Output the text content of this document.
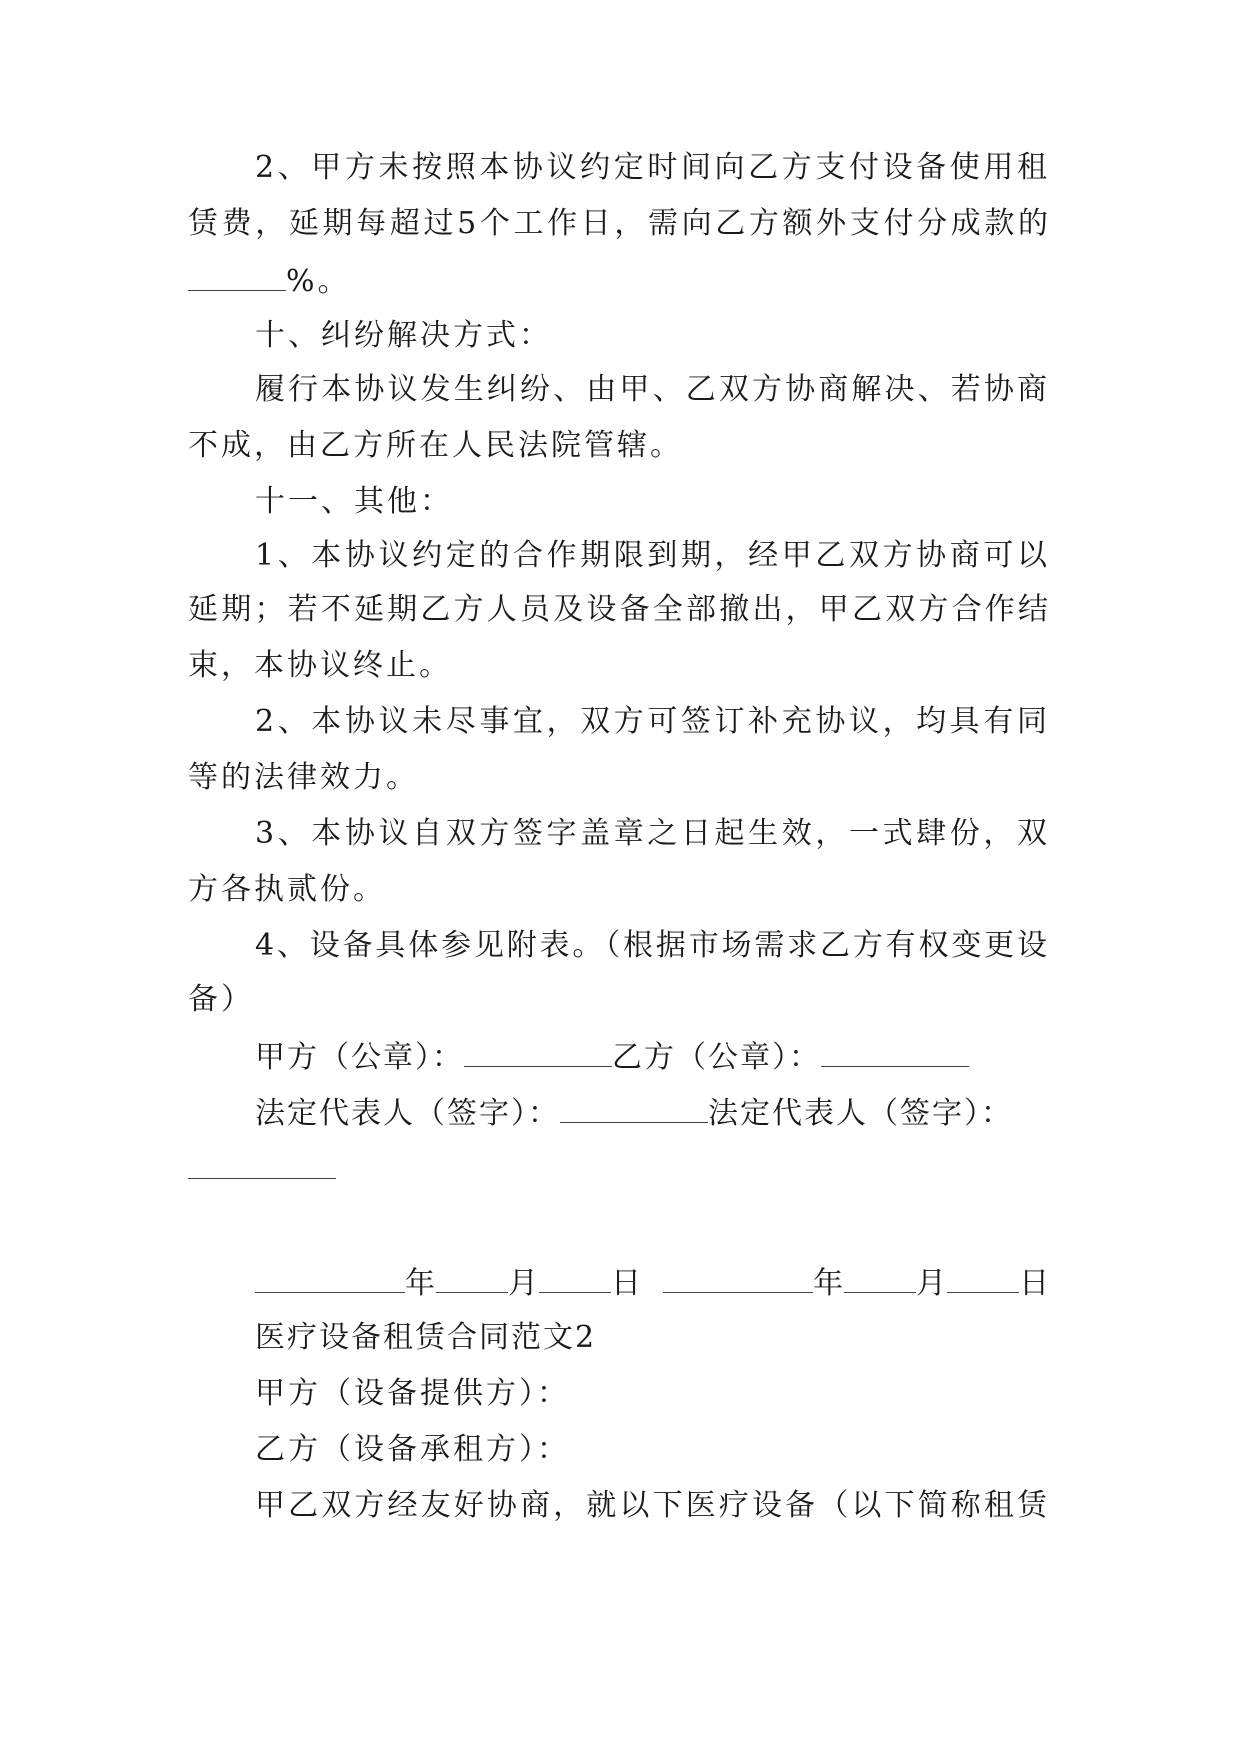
2、甲方未按照本协议约定时间向乙方支付设备使用租
赁费，延期每超过5个工作日，需向乙方额外支付分成款的
%。
十、纠纷解决方式：
履行本协议发生纠纷、由甲、乙双方协商解决、若协商
不成，由乙方所在人民法院管辖。
十一、其他：
1、本协议约定的合作期限到期，经甲乙双方协商可以
延期；若不延期乙方人员及设备全部撤出，甲乙双方合作结
束，本协议终止。
2、本协议未尽事宜，双方可签订补充协议，均具有同
等的法律效力。
3、本协议自双方签字盖章之日起生效，一式肆份，双
方各执贰份。
4、设备具体参见附表。（根据市场需求乙方有权变更设
备）
甲方（公章）：	乙方（公章）：
法定代表人（签字）：	法定代表人（签字）：
年 月 日	年 月 日
医疗设备租赁合同范文2
甲方（设备提供方）：
乙方（设备承租方）：
甲乙双方经友好协商，就以下医疗设备（以下简称租赁
